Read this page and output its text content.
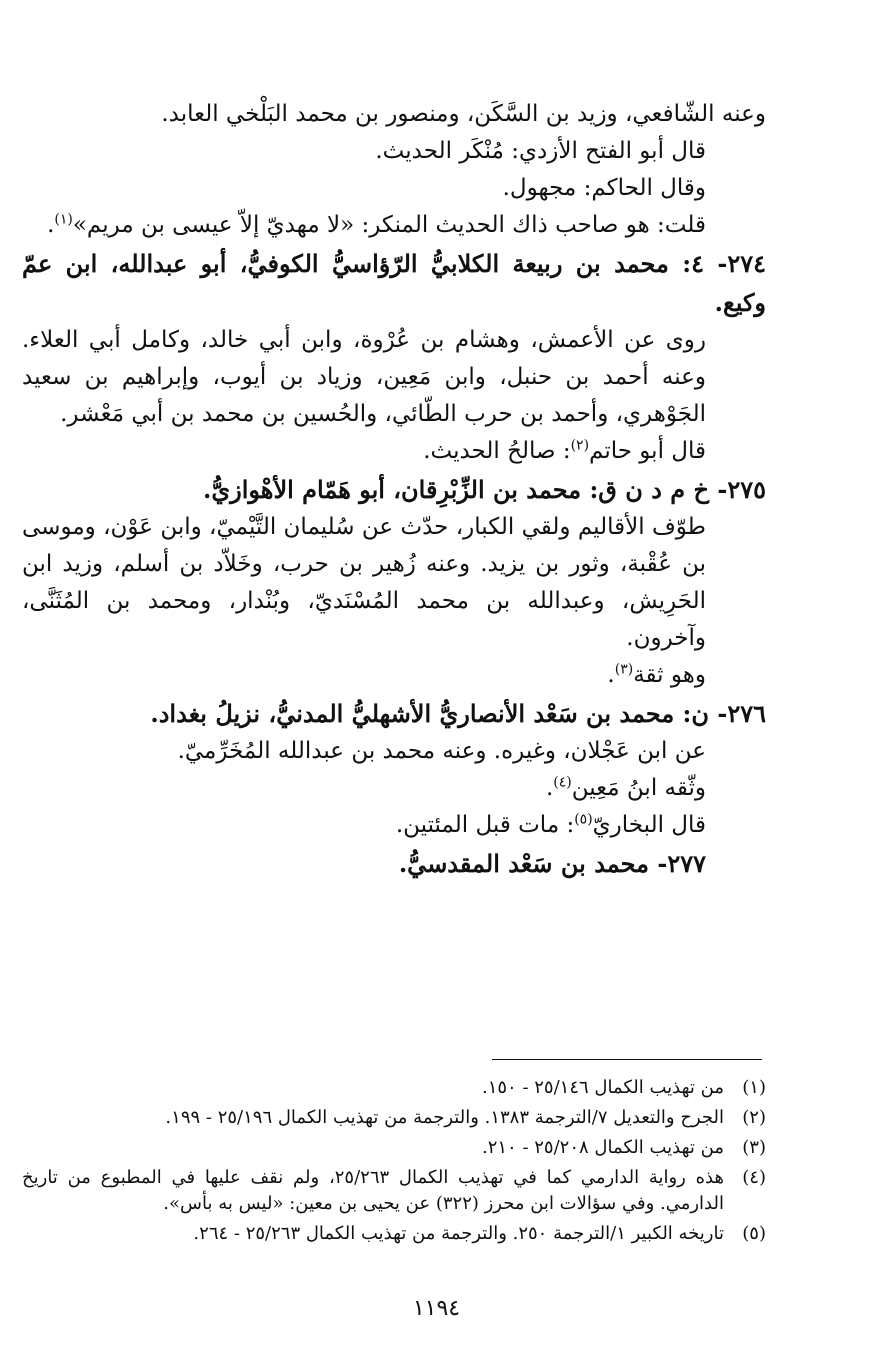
وعنه الشّافعي، وزيد بن السَّكَن، ومنصور بن محمد البَلْخي العابد.

قال أبو الفتح الأزدي: مُنْكَر الحديث.

وقال الحاكم: مجهول.

قلت: هو صاحب ذاك الحديث المنكر: «لا مهديّ إلاّ عيسى بن مريم»$^{(١)}$.

٢٧٤- ٤: محمد بن ربيعة الكلابيُّ الرّؤاسيُّ الكوفيُّ، أبو عبدالله، ابن عمّ وكيع.

روى عن الأعمش، وهشام بن عُرْوة، وابن أبي خالد، وكامل أبي العلاء. وعنه أحمد بن حنبل، وابن مَعِين، وزياد بن أيوب، وإبراهيم بن سعيد الجَوْهري، وأحمد بن حرب الطّائي، والحُسين بن محمد بن أبي مَعْشر.

قال أبو حاتم$^{(٢)}$: صالحُ الحديث.

٢٧٥- خ م د ن ق: محمد بن الزِّبْرِقان، أبو هَمّام الأهْوازيُّ.

طوّف الأقاليم ولقي الكبار، حدّث عن سُليمان التَّيْميّ، وابن عَوْن، وموسى بن عُقْبة، وثور بن يزيد. وعنه زُهير بن حرب، وخَلاّد بن أسلم، وزيد ابن الحَرِيش، وعبدالله بن محمد المُسْنَديّ، وبُنْدار، ومحمد بن المُثَنَّى، وآخرون.

وهو ثقة$^{(٣)}$.

٢٧٦- ن: محمد بن سَعْد الأنصاريُّ الأشهليُّ المدنيُّ، نزيلُ بغداد.

عن ابن عَجْلان، وغيره. وعنه محمد بن عبدالله المُخَرِّميّ.

وثّقه ابنُ مَعِين$^{(٤)}$.

قال البخاريّ$^{(٥)}$: مات قبل المئتين.

٢٧٧- محمد بن سَعْد المقدسيُّ.

(١)
من تهذيب الكمال ٢٥/١٤٦ - ١٥٠.
(٢)
الجرح والتعديل ٧/الترجمة ١٣٨٣. والترجمة من تهذيب الكمال ٢٥/١٩٦ - ١٩٩.
(٣)
من تهذيب الكمال ٢٥/٢٠٨ - ٢١٠.
(٤)
هذه رواية الدارمي كما في تهذيب الكمال ٢٥/٢٦٣، ولم نقف عليها في المطبوع من تاريخ الدارمي. وفي سؤالات ابن محرز (٣٢٢) عن يحيى بن معين: «ليس به بأس».
(٥)
تاريخه الكبير ١/الترجمة ٢٥٠. والترجمة من تهذيب الكمال ٢٥/٢٦٣ - ٢٦٤.
١١٩٤
